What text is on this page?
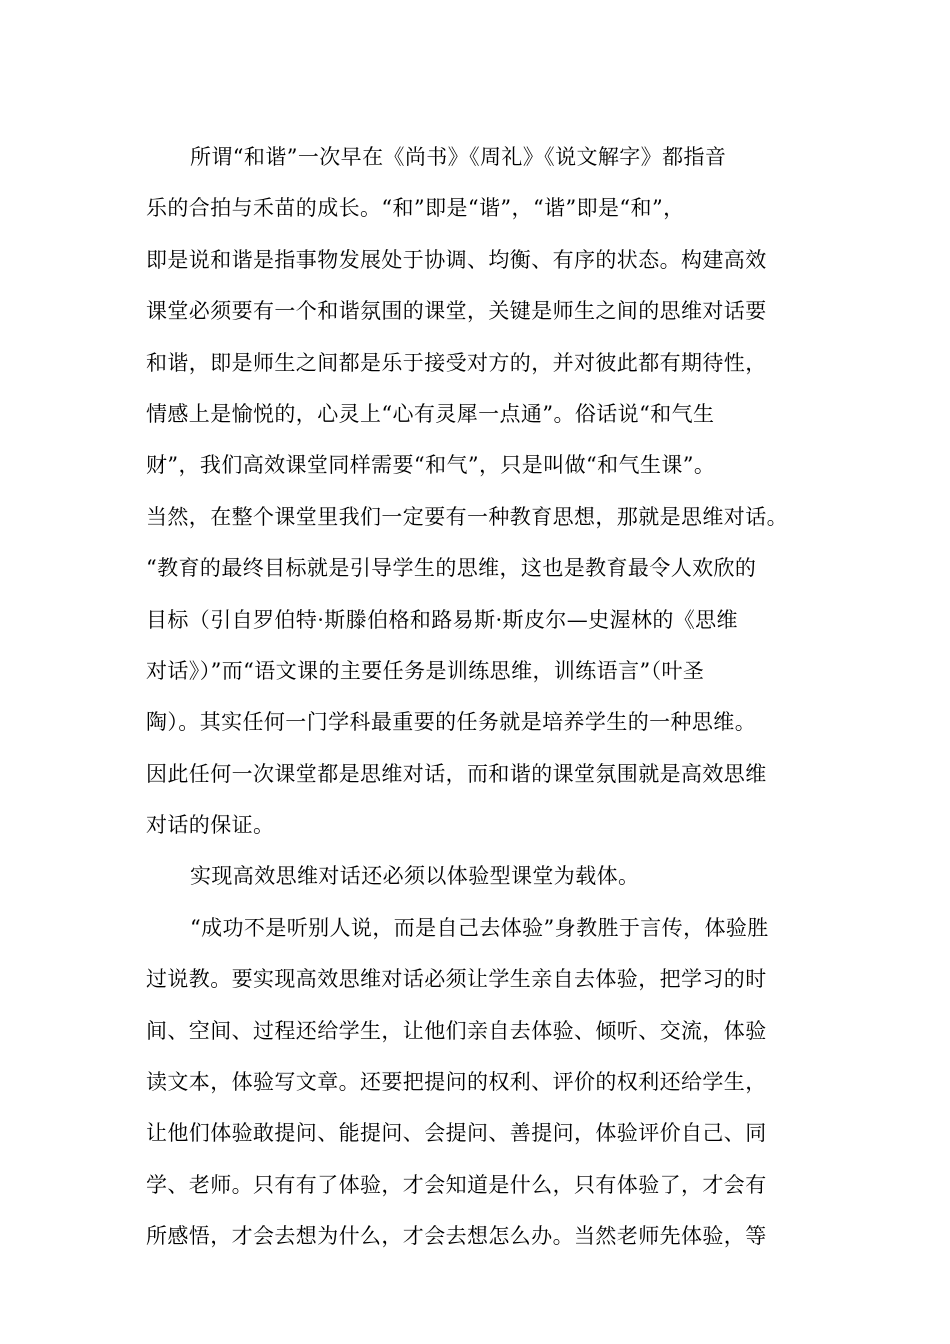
所谓“和谐”一次早在《尚书》《周礼》《说文解字》都指音
乐的合拍与禾苗的成长。“和”即是“谐”，“谐”即是“和”，
即是说和谐是指事物发展处于协调、均衡、有序的状态。构建高效
课堂必须要有一个和谐氛围的课堂，关键是师生之间的思维对话要
和谐，即是师生之间都是乐于接受对方的，并对彼此都有期待性，
情感上是愉悦的，心灵上“心有灵犀一点通”。俗话说“和气生
财”，我们高效课堂同样需要“和气”，只是叫做“和气生课”。
当然，在整个课堂里我们一定要有一种教育思想，那就是思维对话。
“教育的最终目标就是引导学生的思维，这也是教育最令人欢欣的
目标（引自罗伯特·斯滕伯格和路易斯·斯皮尔—史渥林的《思维
对话》）”而“语文课的主要任务是训练思维，训练语言”（叶圣
陶）。其实任何一门学科最重要的任务就是培养学生的一种思维。
因此任何一次课堂都是思维对话，而和谐的课堂氛围就是高效思维
对话的保证。
实现高效思维对话还必须以体验型课堂为载体。
“成功不是听别人说，而是自己去体验”身教胜于言传，体验胜
过说教。要实现高效思维对话必须让学生亲自去体验，把学习的时
间、空间、过程还给学生，让他们亲自去体验、倾听、交流，体验
读文本，体验写文章。还要把提问的权利、评价的权利还给学生，
让他们体验敢提问、能提问、会提问、善提问，体验评价自己、同
学、老师。只有有了体验，才会知道是什么，只有体验了，才会有
所感悟，才会去想为什么，才会去想怎么办。当然老师先体验，等
